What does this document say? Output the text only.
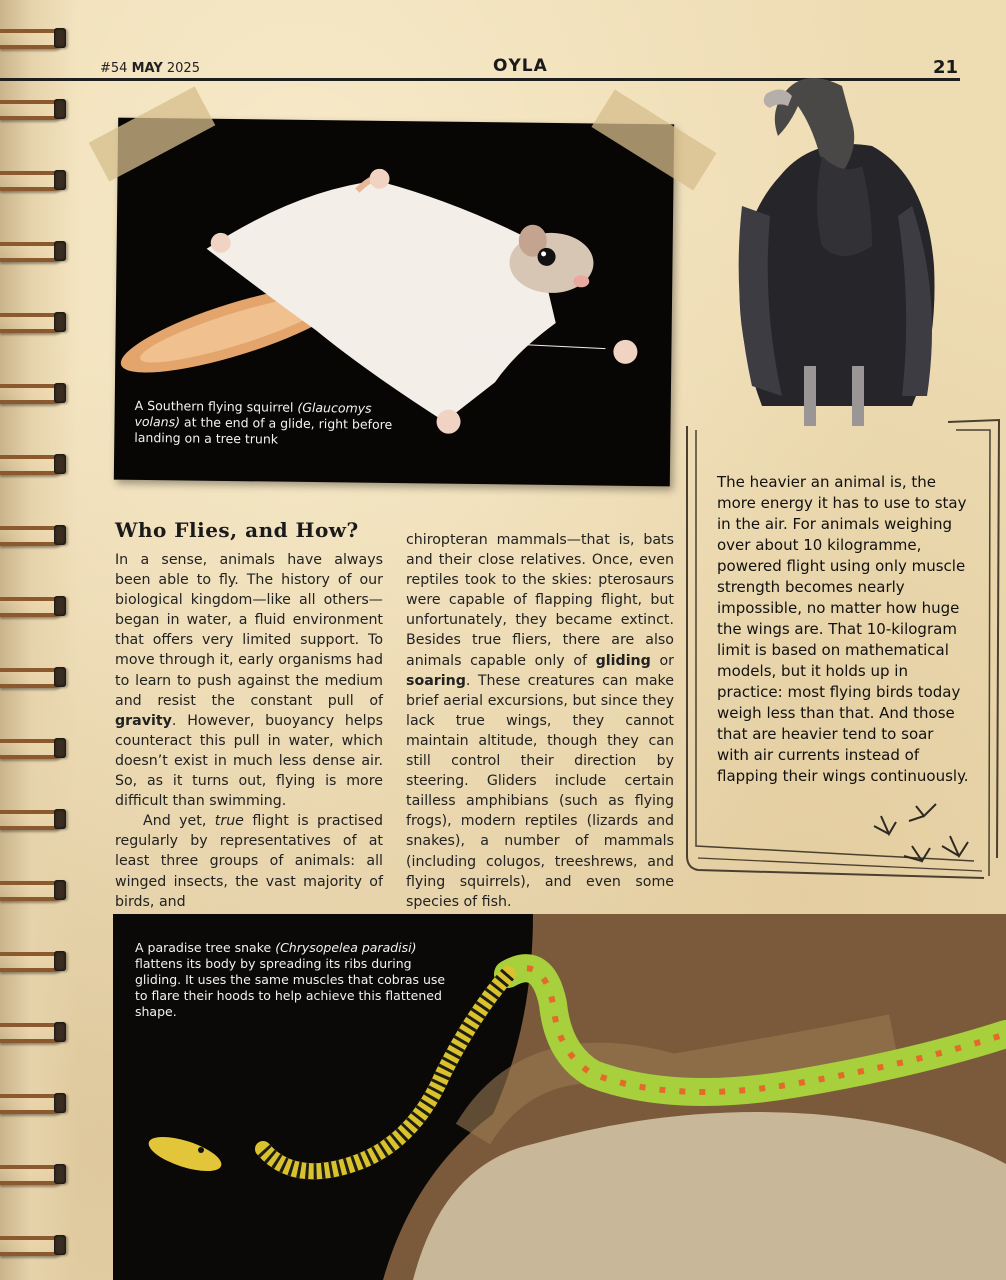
#54 MAY 2025	ОYLA	21
A Southern flying squirrel (Glaucomys volans) at the end of a glide, right before landing on a tree trunk
The heavier an animal is, the more energy it has to use to stay in the air. For animals weighing over about 10 kilogramme, powered flight using only muscle strength becomes nearly impossible, no matter how huge the wings are. That 10-kilogram limit is based on mathematical models, but it holds up in practice: most flying birds today weigh less than that. And those that are heavier tend to soar with air currents instead of flapping their wings continuously.
Who Flies, and How?

In a sense, animals have always been able to fly. The history of our biological kingdom—like all others—began in water, a fluid environment that offers very limited support. To move through it, early organisms had to learn to push against the medium and resist the constant pull of gravity. However, buoyancy helps counteract this pull in water, which doesn’t exist in much less dense air. So, as it turns out, flying is more difficult than swimming.

And yet, true flight is practised regularly by representatives of at least three groups of animals: all winged insects, the vast majority of birds, and

chiropteran mammals—that is, bats and their close relatives. Once, even reptiles took to the skies: pterosaurs were capable of flapping flight, but unfortunately, they became extinct. Besides true fliers, there are also animals capable only of gliding or soaring. These creatures can make brief aerial excursions, but since they lack true wings, they cannot maintain altitude, though they can still control their direction by steering. Gliders include certain tailless amphibians (such as flying frogs), modern reptiles (lizards and snakes), a number of mammals (including colugos, treeshrews, and flying squirrels), and even some species of fish.

A paradise tree snake (Chrysopelea paradisi) flattens its body by spreading its ribs during gliding. It uses the same muscles that cobras use to flare their hoods to help achieve this flattened shape.
